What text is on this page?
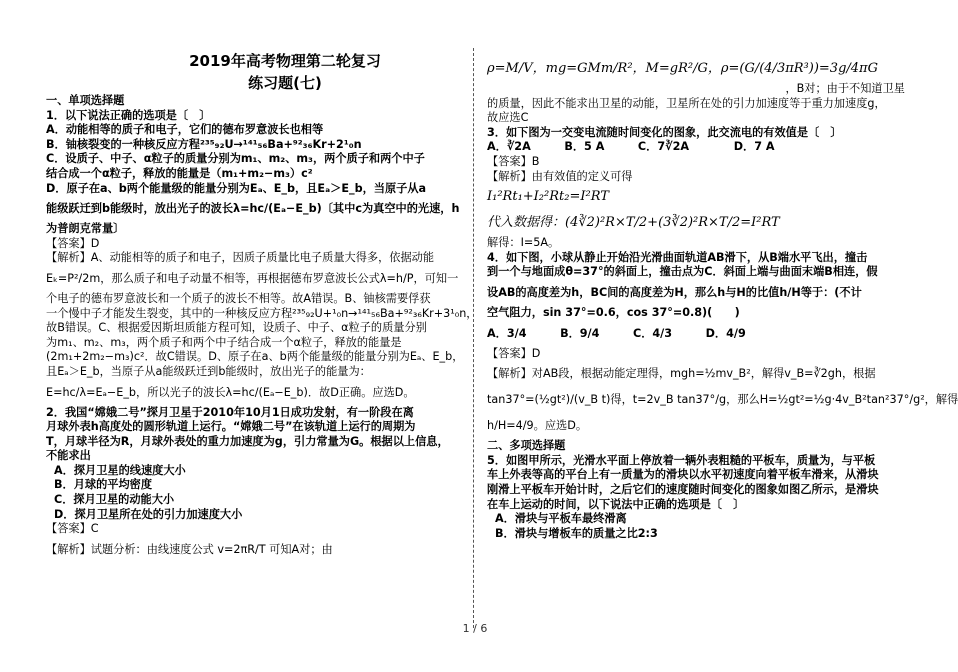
2019年高考物理第二轮复习
练习题(七)
一、单项选择题
1．以下说法正确的选项是〔　〕
A．动能相等的质子和电子，它们的德布罗意波长也相等
B．铀核裂变的一种核反应方程²³⁵₉₂U→¹⁴¹₅₆Ba+⁹²₃₆Kr+2¹₀n
C．设质子、中子、α粒子的质量分别为m₁、m₂、m₃，两个质子和两个中子
结合成一个α粒子，释放的能量是（m₁+m₂−m₃）c²
D．原子在a、b两个能量级的能量分别为Eₐ、E_b，且Eₐ＞E_b，当原子从a
能级跃迁到b能级时，放出光子的波长λ=hc/(Eₐ−E_b)〔其中c为真空中的光速，h
为普朗克常量〕
【答案】D
【解析】A、动能相等的质子和电子，因质子质量比电子质量大得多，依据动能
Eₖ=P²/2m，那么质子和电子动量不相等，再根据德布罗意波长公式λ=h/P，可知一
个电子的德布罗意波长和一个质子的波长不相等。故A错误。B、铀核需要俘获
一个慢中子才能发生裂变，其中的一种核反应方程²³⁵₉₂U+¹₀n→¹⁴¹₅₆Ba+⁹²₃₆Kr+3¹₀n，
故B错误。C、根据爱因斯坦质能方程可知，设质子、中子、α粒子的质量分别
为m₁、m₂、m₃，两个质子和两个中子结合成一个α粒子，释放的能量是
(2m₁+2m₂−m₃)c²．故C错误。D、原子在a、b两个能量级的能量分别为Eₐ、E_b，
且Eₐ＞E_b，当原子从a能级跃迁到b能级时，放出光子的能量为：
E=hc/λ=Eₐ−E_b，所以光子的波长λ=hc/(Eₐ−E_b)．故D正确。应选D。
2．我国“嫦娥二号”探月卫星于2010年10月1日成功发射，有一阶段在离
月球外表h高度处的圆形轨道上运行。“嫦娥二号”在该轨道上运行的周期为
T，月球半径为R，月球外表处的重力加速度为g，引力常量为G。根据以上信息，
不能求出
A．探月卫星的线速度大小
B．月球的平均密度
C．探月卫星的动能大小
D．探月卫星所在处的引力加速度大小
【答案】C
【解析】试题分析：由线速度公式 v=2πR/T 可知A对；由
ρ=M/V，mg=GMm/R²，M=gR²/G，ρ=(G/(4/3πR³))=3g/4πG
，B对；由于不知道卫星
的质量，因此不能求出卫星的动能，卫星所在处的引力加速度等于重力加速度g，
故应选C
3．如下图为一交变电流随时间变化的图象，此交流电的有效值是〔　〕
A．∛2A　　　B．5 A　　　C．7∛2A　　　　D．7 A
【答案】B
【解析】由有效值的定义可得
I₁²Rt₁+I₂²Rt₂=I²RT
代入数据得：(4∛2)²R×T/2+(3∛2)²R×T/2=I²RT
解得：I=5A。
4．如下图，小球从静止开始沿光滑曲面轨道AB滑下，从B端水平飞出，撞击
到一个与地面成θ=37°的斜面上，撞击点为C．斜面上端与曲面末端B相连，假
设AB的高度差为h，BC间的高度差为H，那么h与H的比值h/H等于：(不计
空气阻力，sin 37°=0.6，cos 37°=0.8)(　　)
A．3/4　　　B．9/4　　　C．4/3　　　D．4/9
【答案】D
【解析】对AB段，根据动能定理得，mgh=½mv_B²，解得v_B=∛2gh，根据
tan37°=(½gt²)/(v_B t)得，t=2v_B tan37°/g，那么H=½gt²=½g·4v_B²tan²37°/g²，解得
h/H=4/9。应选D。
二、多项选择题
5．如图甲所示，光滑水平面上停放着一辆外表粗糙的平板车，质量为，与平板
车上外表等高的平台上有一质量为的滑块以水平初速度向着平板车滑来，从滑块
刚滑上平板车开始计时，之后它们的速度随时间变化的图象如图乙所示，是滑块
在车上运动的时间，以下说法中正确的选项是〔　〕
A．滑块与平板车最终滑离
B．滑块与增板车的质量之比2:3
1 / 6
